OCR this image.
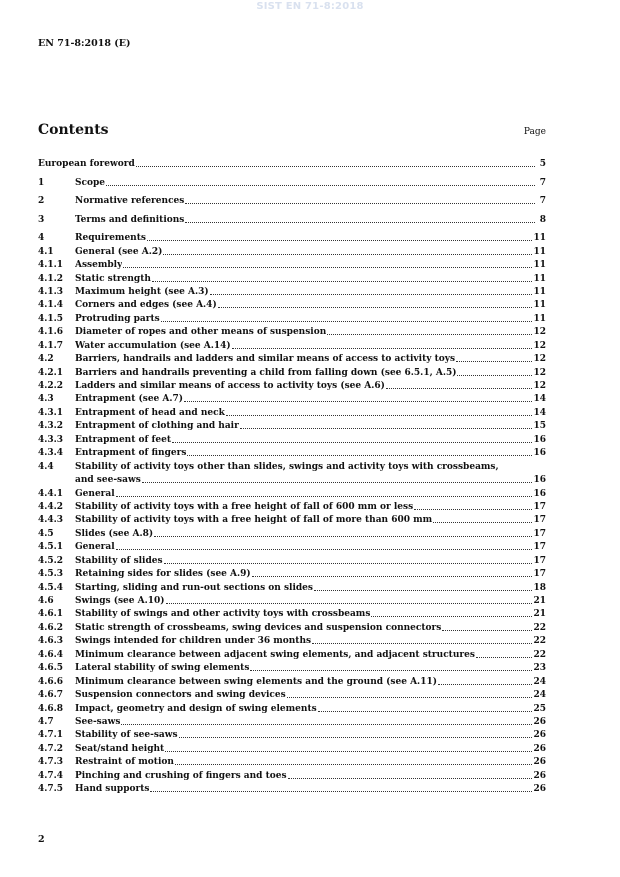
SIST EN 71-8:2018
EN 71-8:2018 (E)
Contents	Page
European foreword	5
1	Scope	7
2	Normative references	7
3	Terms and definitions	8
4	Requirements	11
4.1	General (see A.2)	11
4.1.1	Assembly	11
4.1.2	Static strength	11
4.1.3	Maximum height (see A.3)	11
4.1.4	Corners and edges (see A.4)	11
4.1.5	Protruding parts	11
4.1.6	Diameter of ropes and other means of suspension	12
4.1.7	Water accumulation (see A.14)	12
4.2	Barriers, handrails and ladders and similar means of access to activity toys	12
4.2.1	Barriers and handrails preventing a child from falling down (see 6.5.1, A.5)	12
4.2.2	Ladders and similar means of access to activity toys (see A.6)	12
4.3	Entrapment (see A.7)	14
4.3.1	Entrapment of head and neck	14
4.3.2	Entrapment of clothing and hair	15
4.3.3	Entrapment of feet	16
4.3.4	Entrapment of fingers	16
4.4	Stability of activity toys other than slides, swings and activity toys with crossbeams,
and see-saws	16
4.4.1	General	16
4.4.2	Stability of activity toys with a free height of fall of 600 mm or less	17
4.4.3	Stability of activity toys with a free height of fall of more than 600 mm	17
4.5	Slides (see A.8)	17
4.5.1	General	17
4.5.2	Stability of slides	17
4.5.3	Retaining sides for slides (see A.9)	17
4.5.4	Starting, sliding and run-out sections on slides	18
4.6	Swings (see A.10)	21
4.6.1	Stability of swings and other activity toys with crossbeams	21
4.6.2	Static strength of crossbeams, swing devices and suspension connectors	22
4.6.3	Swings intended for children under 36 months	22
4.6.4	Minimum clearance between adjacent swing elements, and adjacent structures	22
4.6.5	Lateral stability of swing elements	23
4.6.6	Minimum clearance between swing elements and the ground (see A.11)	24
4.6.7	Suspension connectors and swing devices	24
4.6.8	Impact, geometry and design of swing elements	25
4.7	See-saws	26
4.7.1	Stability of see-saws	26
4.7.2	Seat/stand height	26
4.7.3	Restraint of motion	26
4.7.4	Pinching and crushing of fingers and toes	26
4.7.5	Hand supports	26
2
